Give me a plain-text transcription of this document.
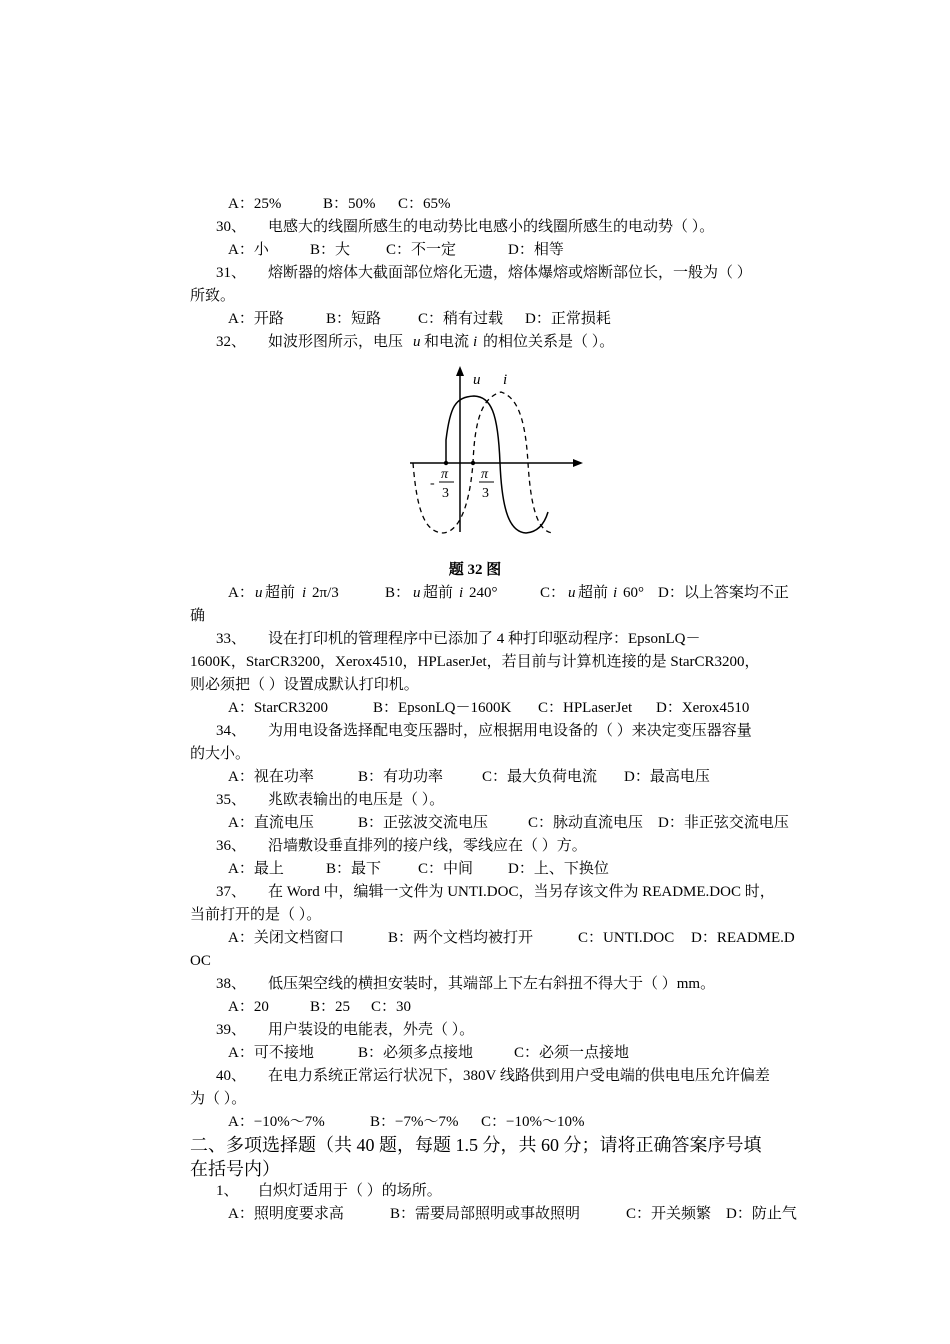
A：25%	B：50% C：65%
30、 电感大的线圈所感生的电动势比电感小的线圈所感生的电动势（ ）。
A：小	B：大 C：不一定	D：相等
31、 熔断器的熔体大截面部位熔化无遗，熔体爆熔或熔断部位长，一般为（ ）
所致。
A：开路	B：短路 C：稍有过载 D：正常损耗
32、 如波形图所示，电压 u 和电流 i 的相位关系是（ ）。
u i
-
π
3
π
3
题 32 图
A： u 超前 i 2π/3	B： u 超前 i 240°	C： u 超前 i 60° D：以上答案均不正
确
33、 设在打印机的管理程序中已添加了 4 种打印驱动程序：EpsonLQ－
1600K，StarCR3200，Xerox4510，HPLaserJet，若目前与计算机连接的是 StarCR3200，
则必须把（ ）设置成默认打印机。
A：StarCR3200	B：EpsonLQ－1600K C：HPLaserJet D：Xerox4510
34、 为用电设备选择配电变压器时，应根据用电设备的（ ）来决定变压器容量
的大小。
A：视在功率	B：有功功率	C：最大负荷电流 D：最高电压
35、 兆欧表输出的电压是（ ）。
A：直流电压	B：正弦波交流电压	C：脉动直流电压 D：非正弦交流电压
36、 沿墙敷设垂直排列的接户线，零线应在（ ）方。
A：最上	B：最下 C：中间 D：上、下换位
37、 在 Word 中，编辑一文件为 UNTI.DOC，当另存该文件为 README.DOC 时，
当前打开的是（ ）。
A：关闭文档窗口	B：两个文档均被打开	C：UNTI.DOC D：README.D
OC
38、 低压架空线的横担安装时，其端部上下左右斜扭不得大于（ ）mm。
A：20	B：25 C：30
39、 用户装设的电能表，外壳（ ）。
A：可不接地	B：必须多点接地	C：必须一点接地
40、 在电力系统正常运行状况下，380V 线路供到用户受电端的供电电压允许偏差
为（ ）。
A：−10%～7%	B：−7%～7% C：−10%～10%
二、多项选择题（共 40 题，每题 1.5 分，共 60 分；请将正确答案序号填
在括号内）
1、 白炽灯适用于（ ）的场所。
A：照明度要求高	B：需要局部照明或事故照明	C：开关频繁 D：防止气
